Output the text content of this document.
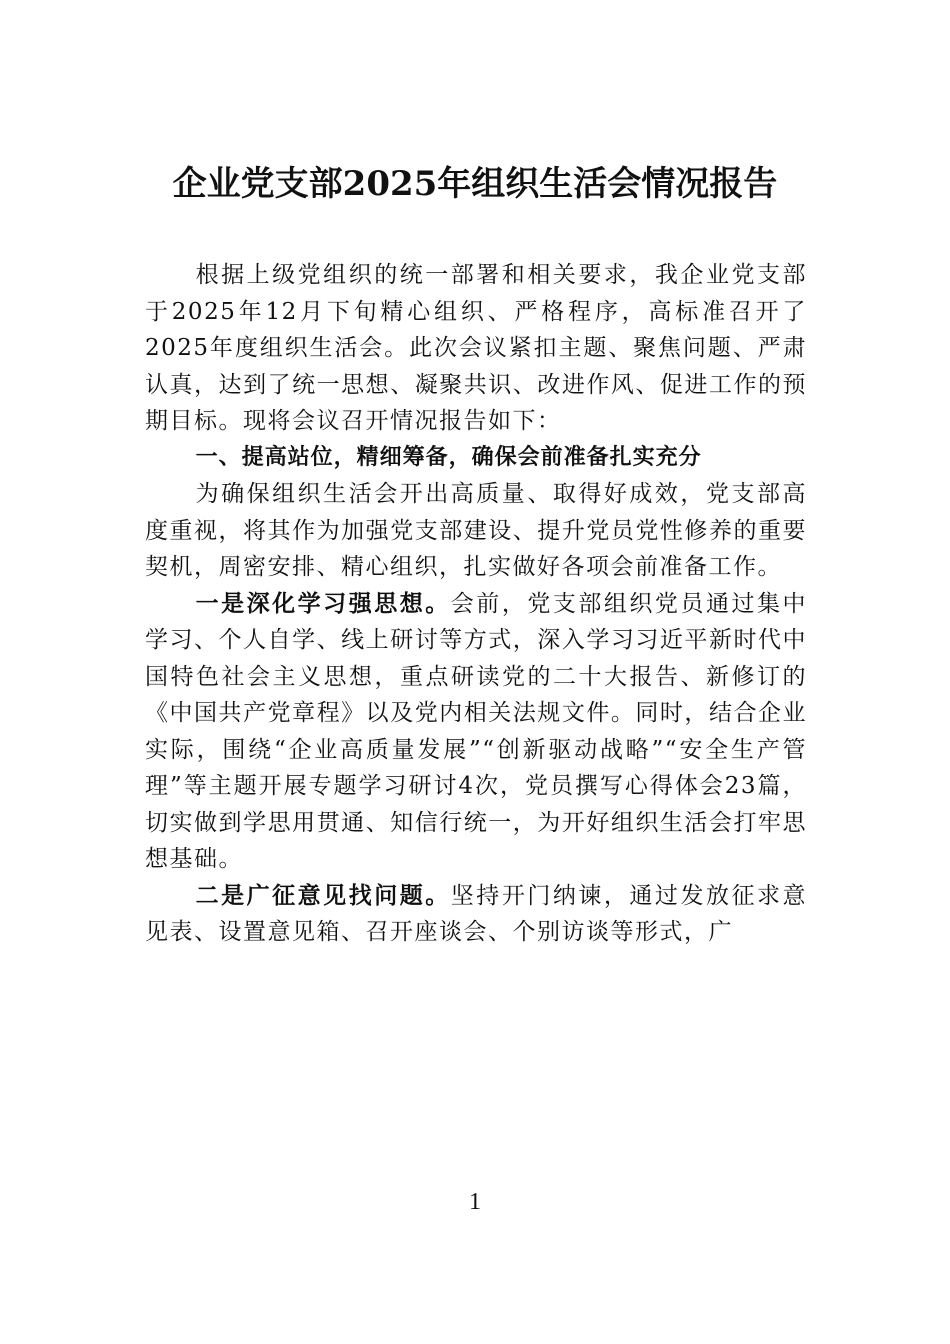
企业党支部2025年组织生活会情况报告

根据上级党组织的统一部署和相关要求，我企业党支部于2025年12月下旬精心组织、严格程序，高标准召开了2025年度组织生活会。此次会议紧扣主题、聚焦问题、严肃认真，达到了统一思想、凝聚共识、改进作风、促进工作的预期目标。现将会议召开情况报告如下：

一、提高站位，精细筹备，确保会前准备扎实充分

为确保组织生活会开出高质量、取得好成效，党支部高度重视，将其作为加强党支部建设、提升党员党性修养的重要契机，周密安排、精心组织，扎实做好各项会前准备工作。

一是深化学习强思想。会前，党支部组织党员通过集中学习、个人自学、线上研讨等方式，深入学习习近平新时代中国特色社会主义思想，重点研读党的二十大报告、新修订的《中国共产党章程》以及党内相关法规文件。同时，结合企业实际，围绕“企业高质量发展”“创新驱动战略”“安全生产管理”等主题开展专题学习研讨4次，党员撰写心得体会23篇，切实做到学思用贯通、知信行统一，为开好组织生活会打牢思想基础。

二是广征意见找问题。坚持开门纳谏，通过发放征求意见表、设置意见箱、召开座谈会、个别访谈等形式，广

1
